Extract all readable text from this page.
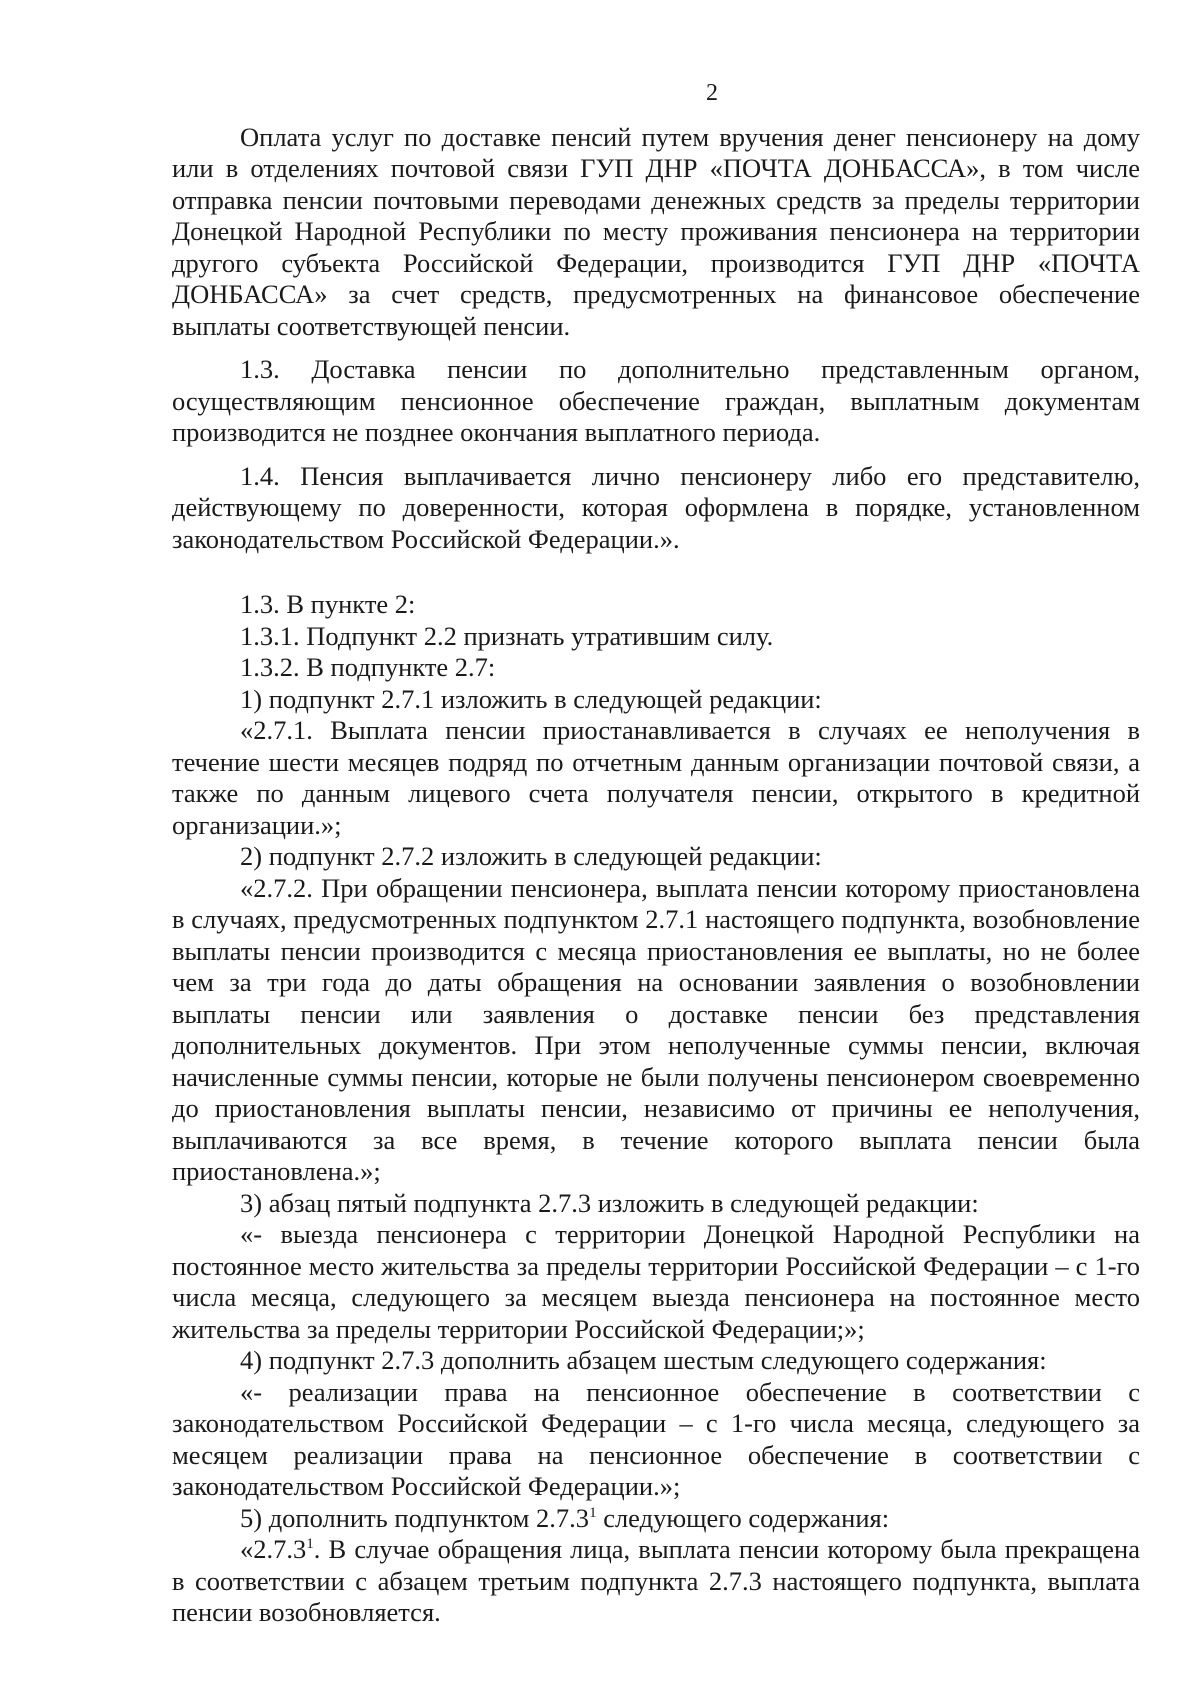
2

Оплата услуг по доставке пенсий путем вручения денег пенсионеру на дому или в отделениях почтовой связи ГУП ДНР «ПОЧТА ДОНБАССА», в том числе отправка пенсии почтовыми переводами денежных средств за пределы территории Донецкой Народной Республики по месту проживания пенсионера на территории другого субъекта Российской Федерации, производится ГУП ДНР «ПОЧТА ДОНБАССА» за счет средств, предусмотренных на финансовое обеспечение выплаты соответствующей пенсии.

1.3. Доставка пенсии по дополнительно представленным органом, осуществляющим пенсионное обеспечение граждан, выплатным документам производится не позднее окончания выплатного периода.

1.4. Пенсия выплачивается лично пенсионеру либо его представителю, действующему по доверенности, которая оформлена в порядке, установленном законодательством Российской Федерации.».

1.3. В пункте 2:

1.3.1. Подпункт 2.2 признать утратившим силу.

1.3.2. В подпункте 2.7:

1) подпункт 2.7.1 изложить в следующей редакции:

«2.7.1. Выплата пенсии приостанавливается в случаях ее неполучения в течение шести месяцев подряд по отчетным данным организации почтовой связи, а также по данным лицевого счета получателя пенсии, открытого в кредитной организации.»;

2) подпункт 2.7.2 изложить в следующей редакции:

«2.7.2. При обращении пенсионера, выплата пенсии которому приостановлена в случаях, предусмотренных подпунктом 2.7.1 настоящего подпункта, возобновление выплаты пенсии производится с месяца приостановления ее выплаты, но не более чем за три года до даты обращения на основании заявления о возобновлении выплаты пенсии или заявления о доставке пенсии без представления дополнительных документов. При этом неполученные суммы пенсии, включая начисленные суммы пенсии, которые не были получены пенсионером своевременно до приостановления выплаты пенсии, независимо от причины ее неполучения, выплачиваются за все время, в течение которого выплата пенсии была приостановлена.»;

3) абзац пятый подпункта 2.7.3 изложить в следующей редакции:

«- выезда пенсионера с территории Донецкой Народной Республики на постоянное место жительства за пределы территории Российской Федерации – с 1-го числа месяца, следующего за месяцем выезда пенсионера на постоянное место жительства за пределы территории Российской Федерации;»;

4) подпункт 2.7.3 дополнить абзацем шестым следующего содержания:

«- реализации права на пенсионное обеспечение в соответствии с законодательством Российской Федерации – с 1-го числа месяца, следующего за месяцем реализации права на пенсионное обеспечение в соответствии с законодательством Российской Федерации.»;

5) дополнить подпунктом 2.7.3$^1$ следующего содержания:

«2.7.3$^1$. В случае обращения лица, выплата пенсии которому была прекращена в соответствии с абзацем третьим подпункта 2.7.3 настоящего подпункта, выплата пенсии возобновляется.
